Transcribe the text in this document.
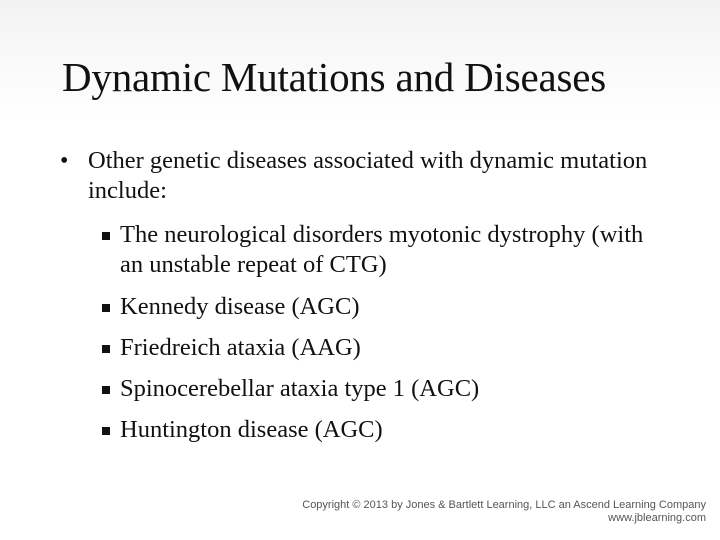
Dynamic Mutations and Diseases
• Other genetic diseases associated with dynamic mutation include:
The neurological disorders myotonic dystrophy (with an unstable repeat of CTG)
Kennedy disease (AGC)
Friedreich ataxia (AAG)
Spinocerebellar ataxia type 1 (AGC)
Huntington disease (AGC)
Copyright © 2013 by Jones & Bartlett Learning, LLC an Ascend Learning Company
www.jblearning.com
